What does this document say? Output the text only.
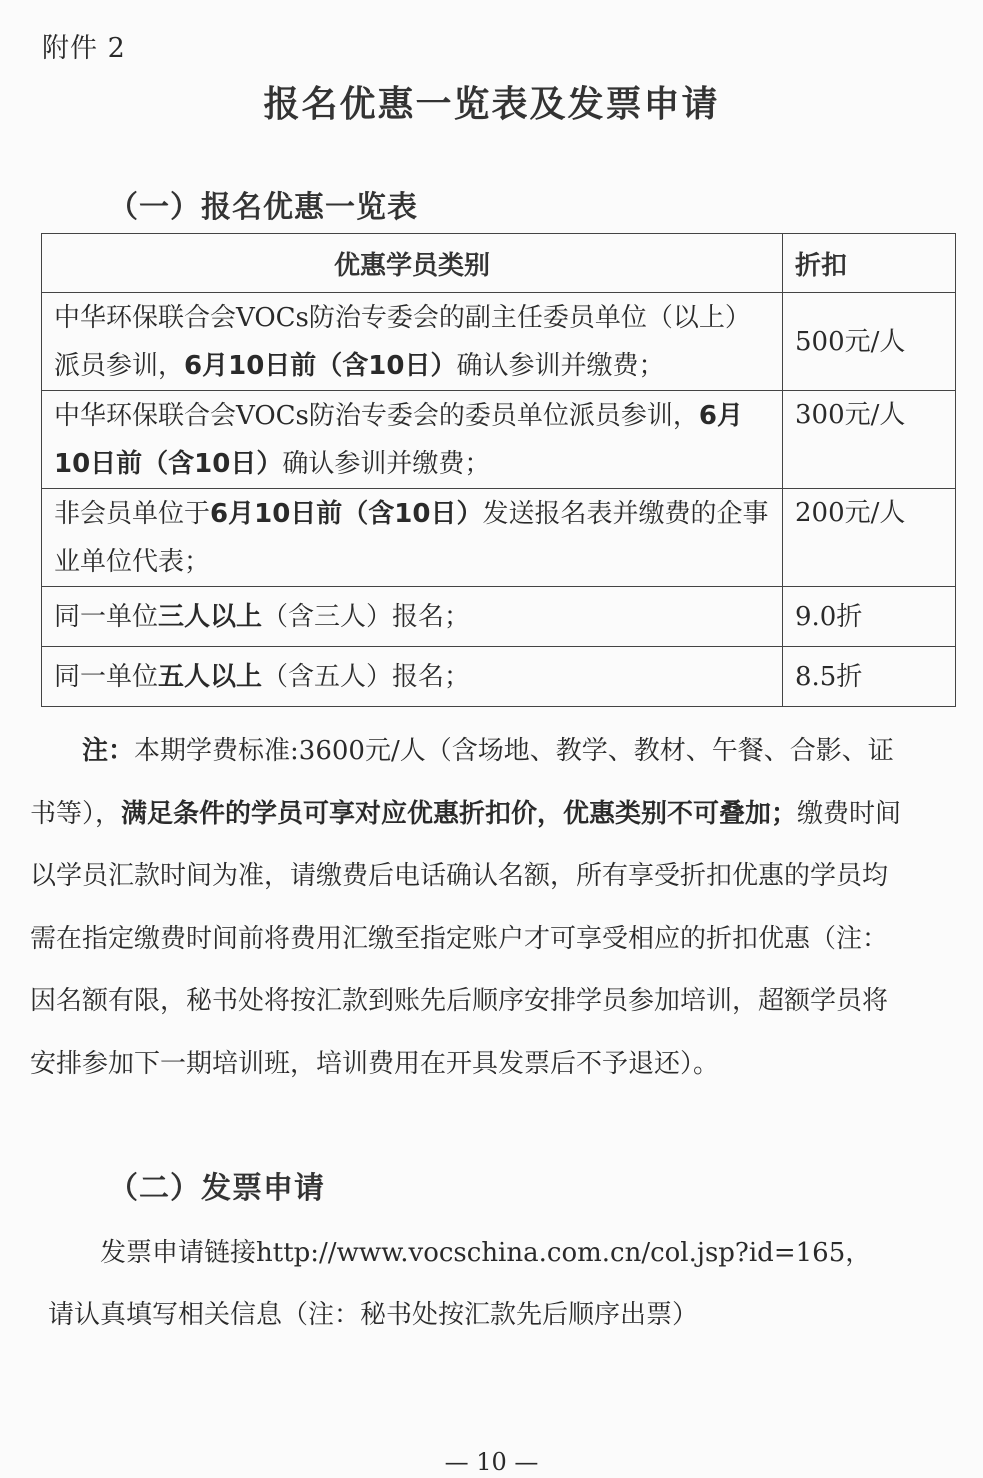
附件 2
报名优惠一览表及发票申请
（一）报名优惠一览表
优惠学员类别	折扣
中华环保联合会VOCs防治专委会的副主任委员单位（以上）派员参训，6月10日前（含10日）确认参训并缴费；	500元/人
中华环保联合会VOCs防治专委会的委员单位派员参训，6月10日前（含10日）确认参训并缴费；	300元/人
非会员单位于6月10日前（含10日）发送报名表并缴费的企事业单位代表；	200元/人
同一单位三人以上（含三人）报名；	9.0折
同一单位五人以上（含五人）报名；	8.5折
注：本期学费标准:3600元/人（含场地、教学、教材、午餐、合影、证书等），满足条件的学员可享对应优惠折扣价，优惠类别不可叠加；缴费时间以学员汇款时间为准，请缴费后电话确认名额，所有享受折扣优惠的学员均需在指定缴费时间前将费用汇缴至指定账户才可享受相应的折扣优惠（注：因名额有限，秘书处将按汇款到账先后顺序安排学员参加培训，超额学员将安排参加下一期培训班，培训费用在开具发票后不予退还）。
（二）发票申请
发票申请链接http://www.vocschina.com.cn/col.jsp?id=165，
请认真填写相关信息（注：秘书处按汇款先后顺序出票）
— 10 —
